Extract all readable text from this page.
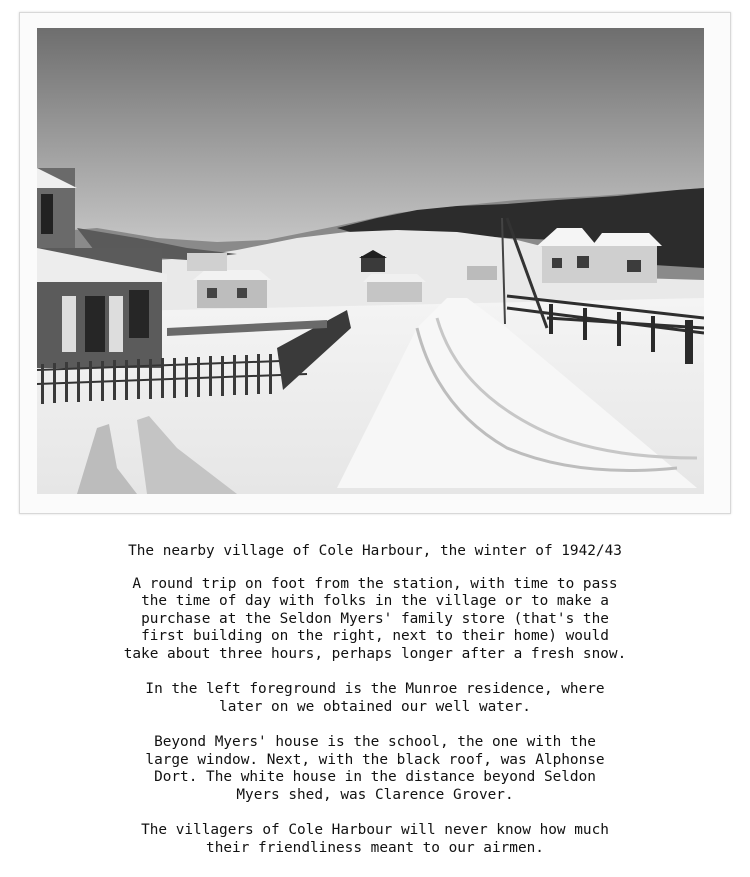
The nearby village of Cole Harbour, the winter of 1942/43

A round trip on foot from the station, with time to pass
the time of day with folks in the village or to make a
purchase at the Seldon Myers' family store (that's the
first building on the right, next to their home) would
take about three hours, perhaps longer after a fresh snow.

In the left foreground is the Munroe residence, where
later on we obtained our well water.

Beyond Myers' house is the school, the one with the
large window. Next, with the black roof, was Alphonse
Dort. The white house in the distance beyond Seldon
Myers shed, was Clarence Grover.

The villagers of Cole Harbour will never know how much
their friendliness meant to our airmen.
